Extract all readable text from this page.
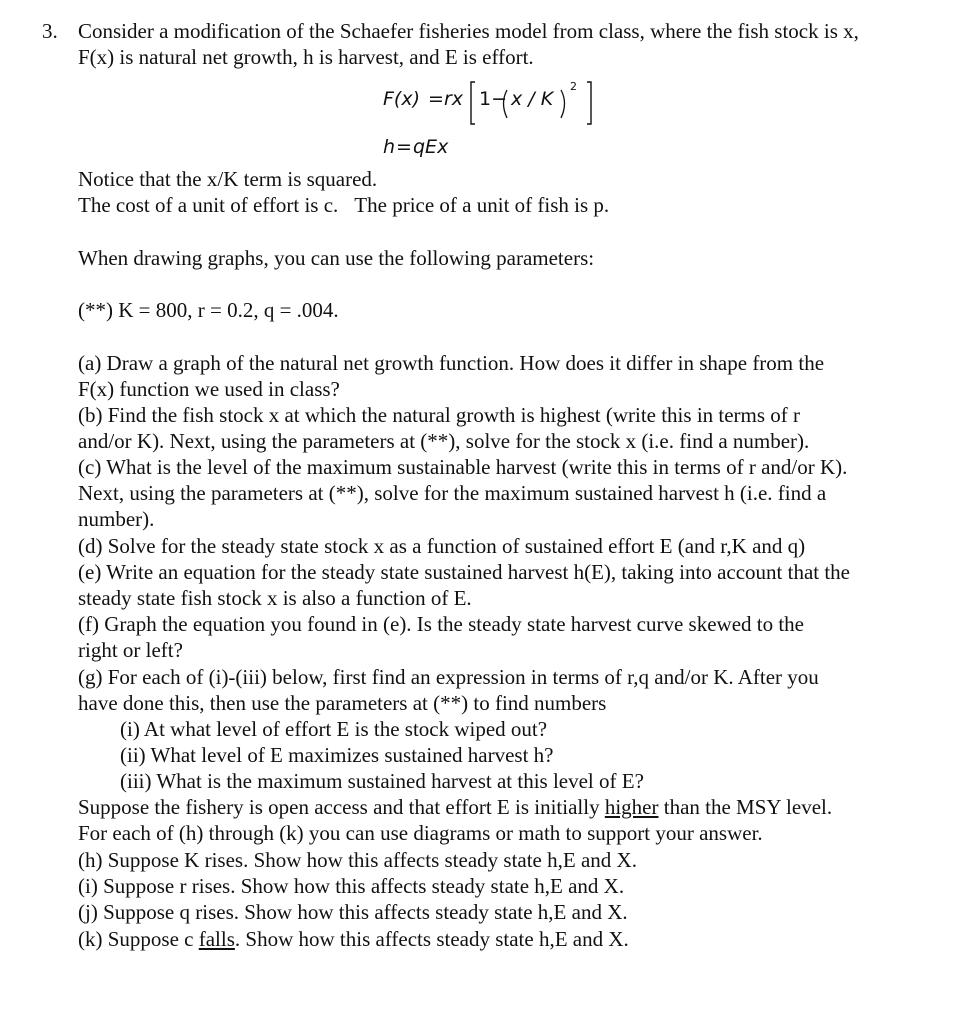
3. Consider a modification of the Schaefer fisheries model from class, where the fish stock is x,
F(x) is natural net growth, h is harvest, and E is effort.
F(x) = rx 1− x / K
2
h = qEx
Notice that the x/K term is squared.
The cost of a unit of effort is c. The price of a unit of fish is p.
When drawing graphs, you can use the following parameters:
(**) K = 800, r = 0.2, q = .004.
(a) Draw a graph of the natural net growth function. How does it differ in shape from the
F(x) function we used in class?
(b) Find the fish stock x at which the natural growth is highest (write this in terms of r
and/or K). Next, using the parameters at (**), solve for the stock x (i.e. find a number).
(c) What is the level of the maximum sustainable harvest (write this in terms of r and/or K).
Next, using the parameters at (**), solve for the maximum sustained harvest h (i.e. find a
number).
(d) Solve for the steady state stock x as a function of sustained effort E (and r,K and q)
(e) Write an equation for the steady state sustained harvest h(E), taking into account that the
steady state fish stock x is also a function of E.
(f) Graph the equation you found in (e). Is the steady state harvest curve skewed to the
right or left?
(g) For each of (i)-(iii) below, first find an expression in terms of r,q and/or K. After you
have done this, then use the parameters at (**) to find numbers
(i) At what level of effort E is the stock wiped out?
(ii) What level of E maximizes sustained harvest h?
(iii) What is the maximum sustained harvest at this level of E?
Suppose the fishery is open access and that effort E is initially higher than the MSY level.
For each of (h) through (k) you can use diagrams or math to support your answer.
(h) Suppose K rises. Show how this affects steady state h,E and X.
(i) Suppose r rises. Show how this affects steady state h,E and X.
(j) Suppose q rises. Show how this affects steady state h,E and X.
(k) Suppose c falls. Show how this affects steady state h,E and X.
